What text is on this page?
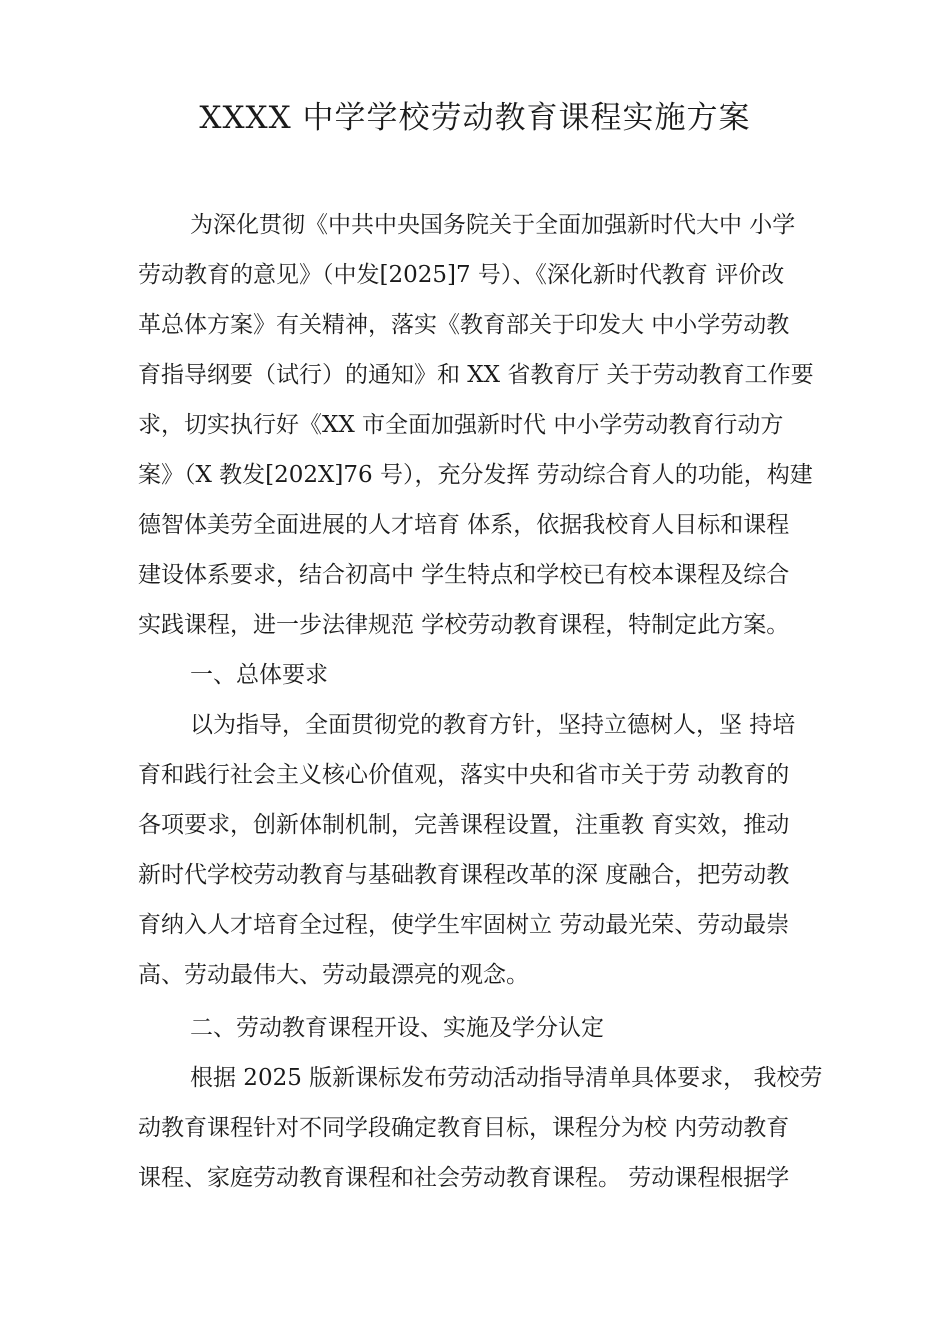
XXXX 中学学校劳动教育课程实施方案

为深化贯彻《中共中央国务院关于全面加强新时代大中 小学

劳动教育的意见》（中发[2025]7 号）、《深化新时代教育 评价改

革总体方案》有关精神，落实《教育部关于印发大 中小学劳动教

育指导纲要（试行）的通知》和 XX 省教育厅 关于劳动教育工作要

求，切实执行好《XX 市全面加强新时代 中小学劳动教育行动方

案》（X 教发[202X]76 号），充分发挥 劳动综合育人的功能，构建

德智体美劳全面进展的人才培育 体系，依据我校育人目标和课程

建设体系要求，结合初高中 学生特点和学校已有校本课程及综合

实践课程，进一步法律规范 学校劳动教育课程，特制定此方案。

一、总体要求

以为指导，全面贯彻党的教育方针，坚持立德树人，坚 持培

育和践行社会主义核心价值观，落实中央和省市关于劳 动教育的

各项要求，创新体制机制，完善课程设置，注重教 育实效，推动

新时代学校劳动教育与基础教育课程改革的深 度融合，把劳动教

育纳入人才培育全过程，使学生牢固树立 劳动最光荣、劳动最崇

高、劳动最伟大、劳动最漂亮的观念。

二、劳动教育课程开设、实施及学分认定

根据 2025 版新课标发布劳动活动指导清单具体要求， 我校劳

动教育课程针对不同学段确定教育目标，课程分为校 内劳动教育

课程、家庭劳动教育课程和社会劳动教育课程。 劳动课程根据学
